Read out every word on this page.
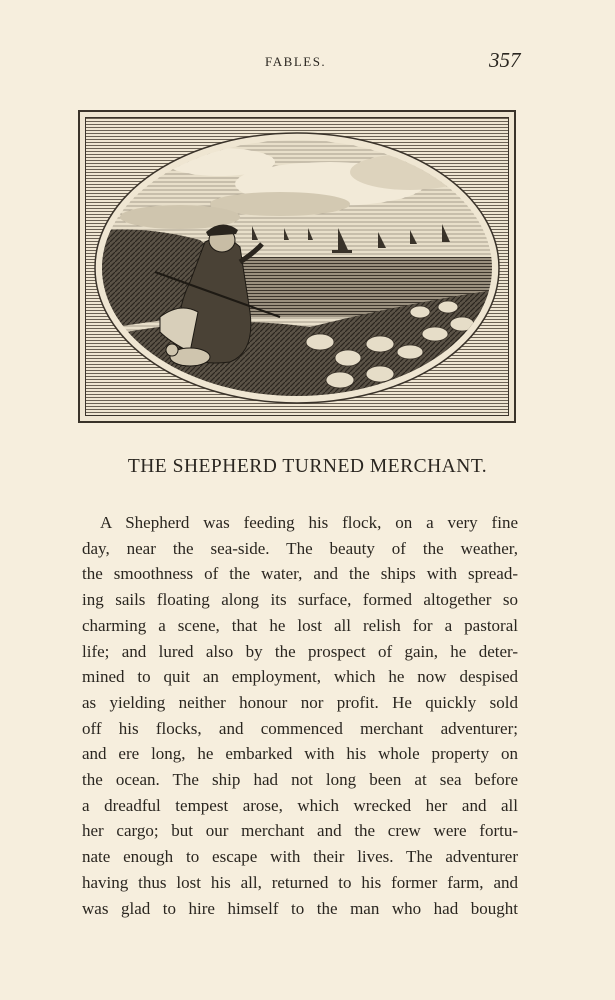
FABLES.	357
THE SHEPHERD TURNED MERCHANT.

A Shepherd was feeding his flock, on a very fine
day, near the sea-side. The beauty of the weather,
the smoothness of the water, and the ships with spread-
ing sails floating along its surface, formed altogether so
charming a scene, that he lost all relish for a pastoral
life; and lured also by the prospect of gain, he deter-
mined to quit an employment, which he now despised
as yielding neither honour nor profit. He quickly sold
off his flocks, and commenced merchant adventurer;
and ere long, he embarked with his whole property on
the ocean. The ship had not long been at sea before
a dreadful tempest arose, which wrecked her and all
her cargo; but our merchant and the crew were fortu-
nate enough to escape with their lives. The adventurer
having thus lost his all, returned to his former farm, and
was glad to hire himself to the man who had bought
